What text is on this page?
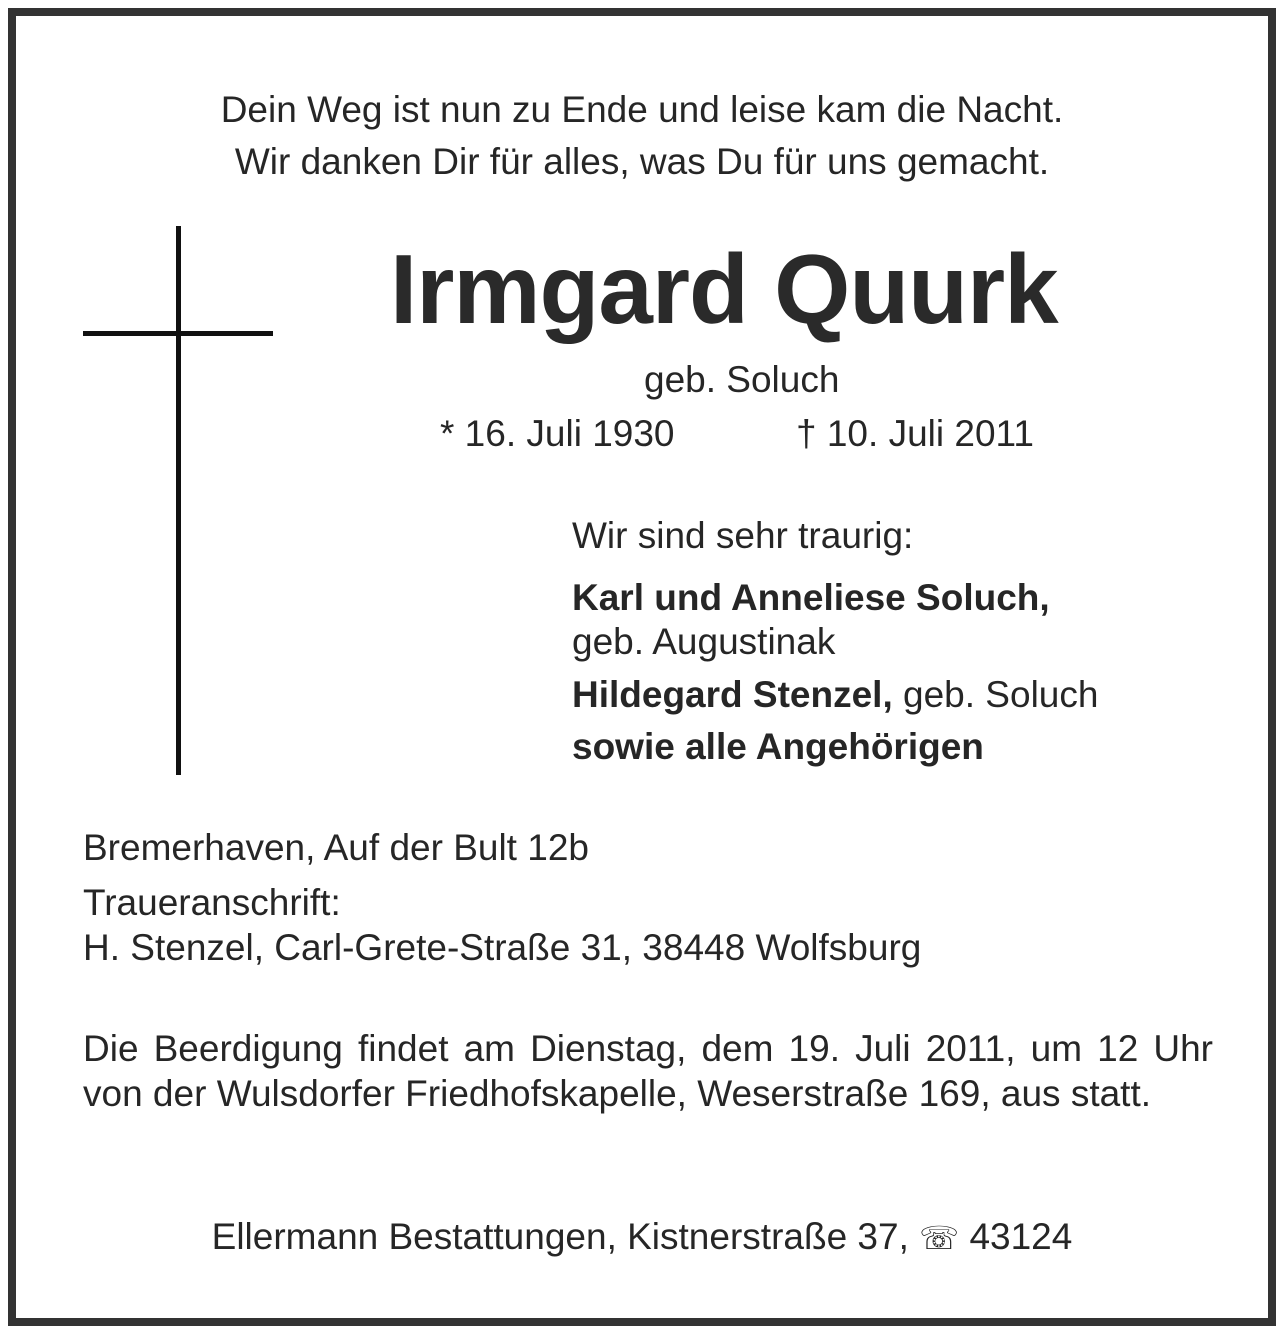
Dein Weg ist nun zu Ende und leise kam die Nacht.
Wir danken Dir für alles, was Du für uns gemacht.
Irmgard Quurk
geb. Soluch
* 16. Juli 1930	† 10. Juli 2011
Wir sind sehr traurig:
Karl und Anneliese Soluch,
geb. Augustinak
Hildegard Stenzel, geb. Soluch
sowie alle Angehörigen
Bremerhaven, Auf der Bult 12b
Traueranschrift:
H. Stenzel, Carl-Grete-Straße 31, 38448 Wolfsburg
Die Beerdigung findet am Dienstag, dem 19. Juli 2011, um 12 Uhr von der Wulsdorfer Friedhofskapelle, Weserstraße 169, aus statt.
Ellermann Bestattungen, Kistnerstraße 37, ☏ 43124
